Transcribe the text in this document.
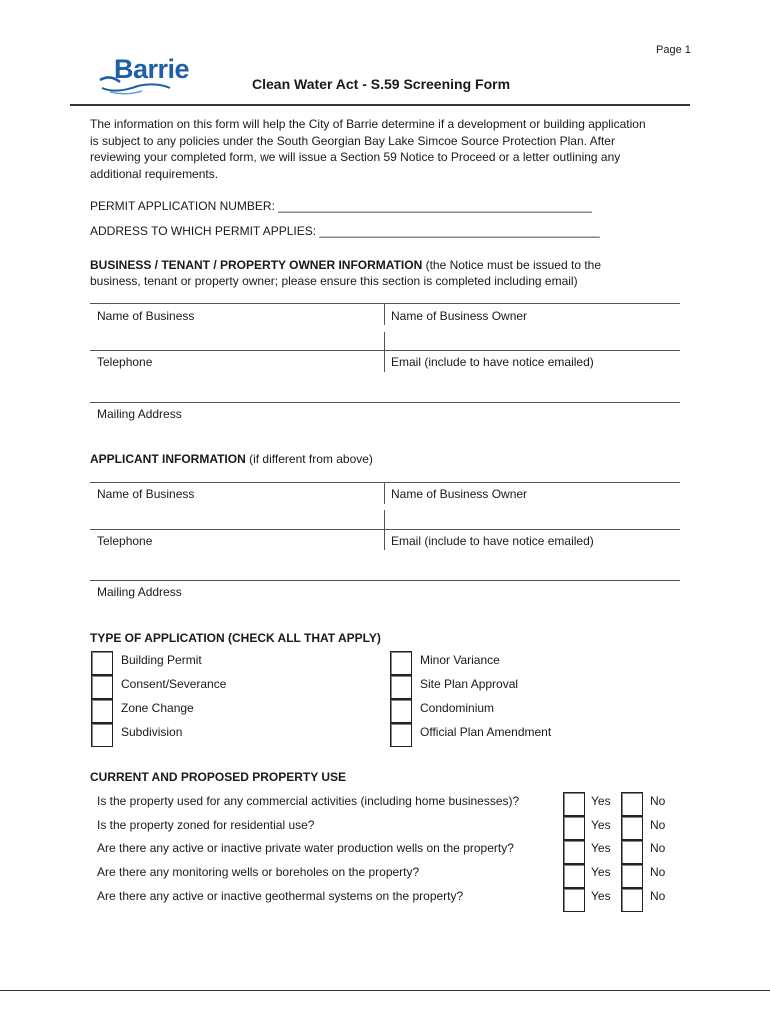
Page 1
Barrie	Clean Water Act - S.59 Screening Form
The information on this form will help the City of Barrie determine if a development or building application is subject to any policies under the South Georgian Bay Lake Simcoe Source Protection Plan. After reviewing your completed form, we will issue a Section 59 Notice to Proceed or a letter outlining any additional requirements.
PERMIT APPLICATION NUMBER: _______________________________________________
ADDRESS TO WHICH PERMIT APPLIES: __________________________________________
BUSINESS / TENANT / PROPERTY OWNER INFORMATION (the Notice must be issued to the business, tenant or property owner; please ensure this section is completed including email)
Name of Business	Name of Business Owner
Telephone	Email (include to have notice emailed)
Mailing Address
APPLICANT INFORMATION (if different from above)
Name of Business	Name of Business Owner
Telephone	Email (include to have notice emailed)
Mailing Address
TYPE OF APPLICATION (CHECK ALL THAT APPLY)
Building Permit
Consent/Severance
Zone Change
Subdivision
Minor Variance
Site Plan Approval
Condominium
Official Plan Amendment
CURRENT AND PROPOSED PROPERTY USE
Is the property used for any commercial activities (including home businesses)?	Yes	No
Is the property zoned for residential use?	Yes	No
Are there any active or inactive private water production wells on the property?	Yes	No
Are there any monitoring wells or boreholes on the property?	Yes	No
Are there any active or inactive geothermal systems on the property?	Yes	No
